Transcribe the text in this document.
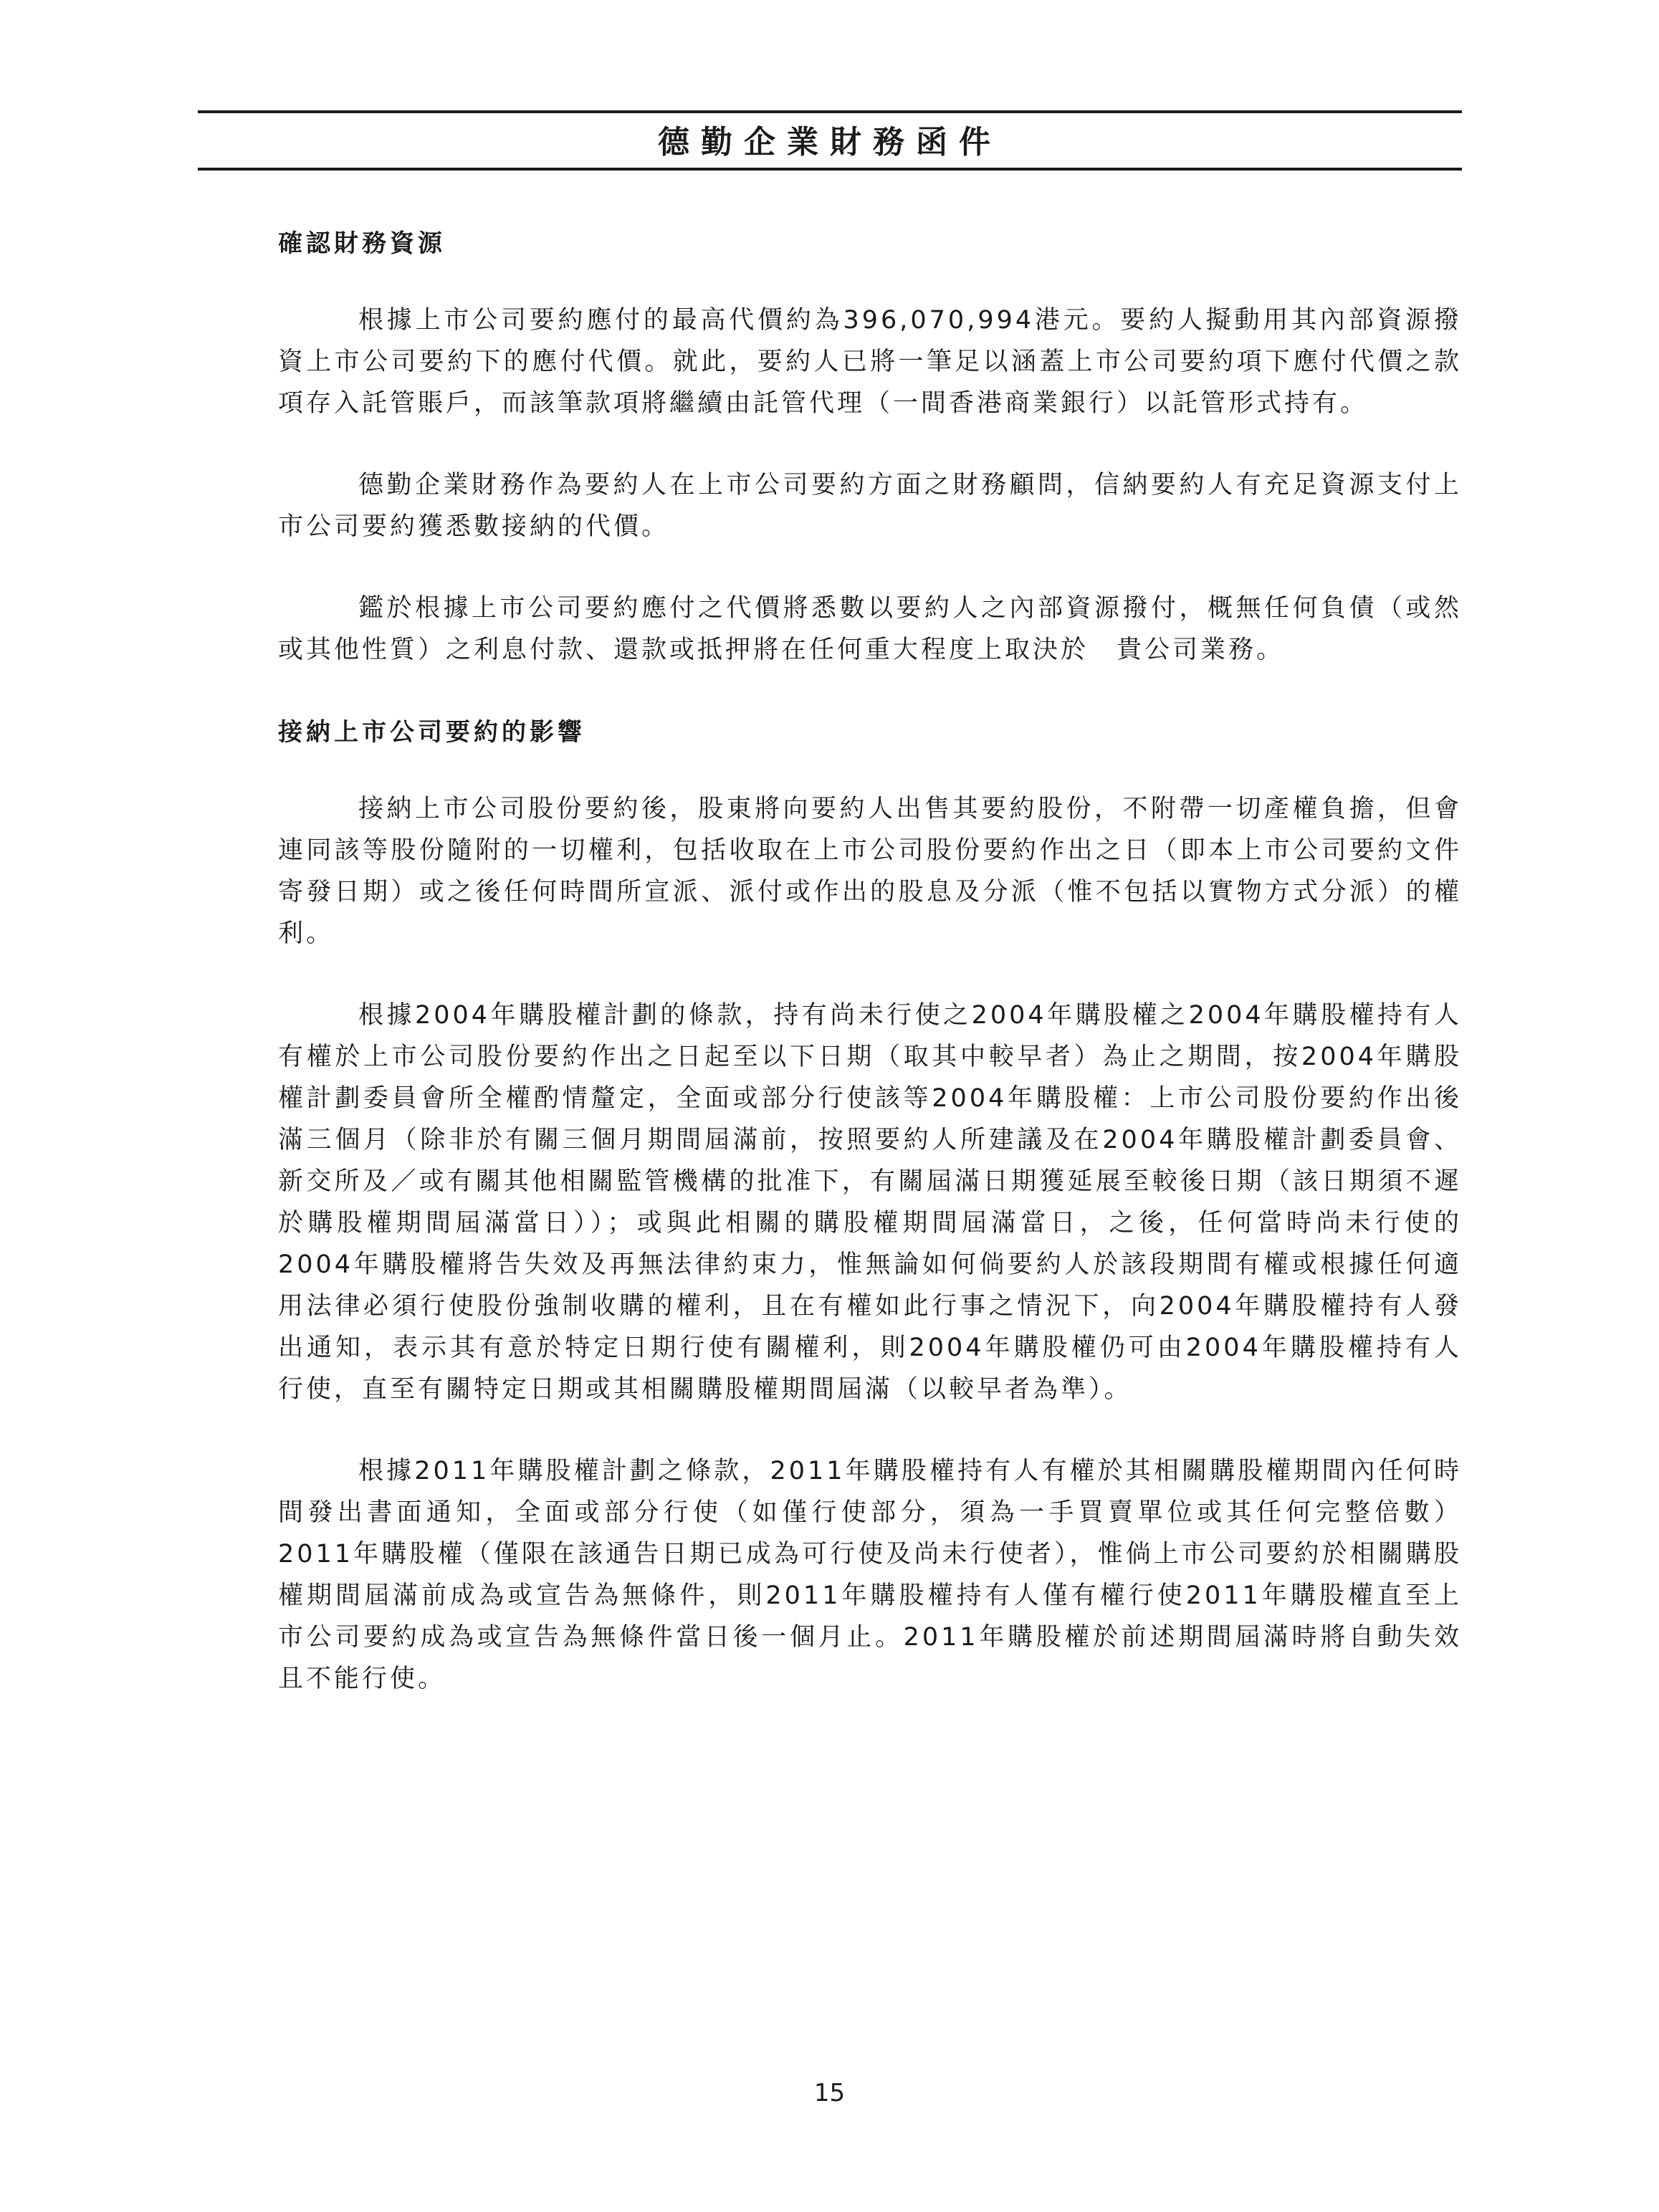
德勤企業財務函件
確認財務資源

根據上市公司要約應付的最高代價約為396,070,994港元。要約人擬動用其內部資源撥資上市公司要約下的應付代價。就此，要約人已將一筆足以涵蓋上市公司要約項下應付代價之款項存入託管賬戶，而該筆款項將繼續由託管代理（一間香港商業銀行）以託管形式持有。

德勤企業財務作為要約人在上市公司要約方面之財務顧問，信納要約人有充足資源支付上市公司要約獲悉數接納的代價。

鑑於根據上市公司要約應付之代價將悉數以要約人之內部資源撥付，概無任何負債（或然或其他性質）之利息付款、還款或抵押將在任何重大程度上取決於　貴公司業務。

接納上市公司要約的影響

接納上市公司股份要約後，股東將向要約人出售其要約股份，不附帶一切產權負擔，但會連同該等股份隨附的一切權利，包括收取在上市公司股份要約作出之日（即本上市公司要約文件寄發日期）或之後任何時間所宣派、派付或作出的股息及分派（惟不包括以實物方式分派）的權利。

根據2004年購股權計劃的條款，持有尚未行使之2004年購股權之2004年購股權持有人有權於上市公司股份要約作出之日起至以下日期（取其中較早者）為止之期間，按2004年購股權計劃委員會所全權酌情釐定，全面或部分行使該等2004年購股權：上市公司股份要約作出後滿三個月（除非於有關三個月期間屆滿前，按照要約人所建議及在2004年購股權計劃委員會、新交所及／或有關其他相關監管機構的批准下，有關屆滿日期獲延展至較後日期（該日期須不遲於購股權期間屆滿當日））；或與此相關的購股權期間屆滿當日，之後，任何當時尚未行使的2004年購股權將告失效及再無法律約束力，惟無論如何倘要約人於該段期間有權或根據任何適用法律必須行使股份強制收購的權利，且在有權如此行事之情況下，向2004年購股權持有人發出通知，表示其有意於特定日期行使有關權利，則2004年購股權仍可由2004年購股權持有人行使，直至有關特定日期或其相關購股權期間屆滿（以較早者為準）。

根據2011年購股權計劃之條款，2011年購股權持有人有權於其相關購股權期間內任何時間發出書面通知，全面或部分行使（如僅行使部分，須為一手買賣單位或其任何完整倍數）2011年購股權（僅限在該通告日期已成為可行使及尚未行使者），惟倘上市公司要約於相關購股權期間屆滿前成為或宣告為無條件，則2011年購股權持有人僅有權行使2011年購股權直至上市公司要約成為或宣告為無條件當日後一個月止。2011年購股權於前述期間屆滿時將自動失效且不能行使。

15
